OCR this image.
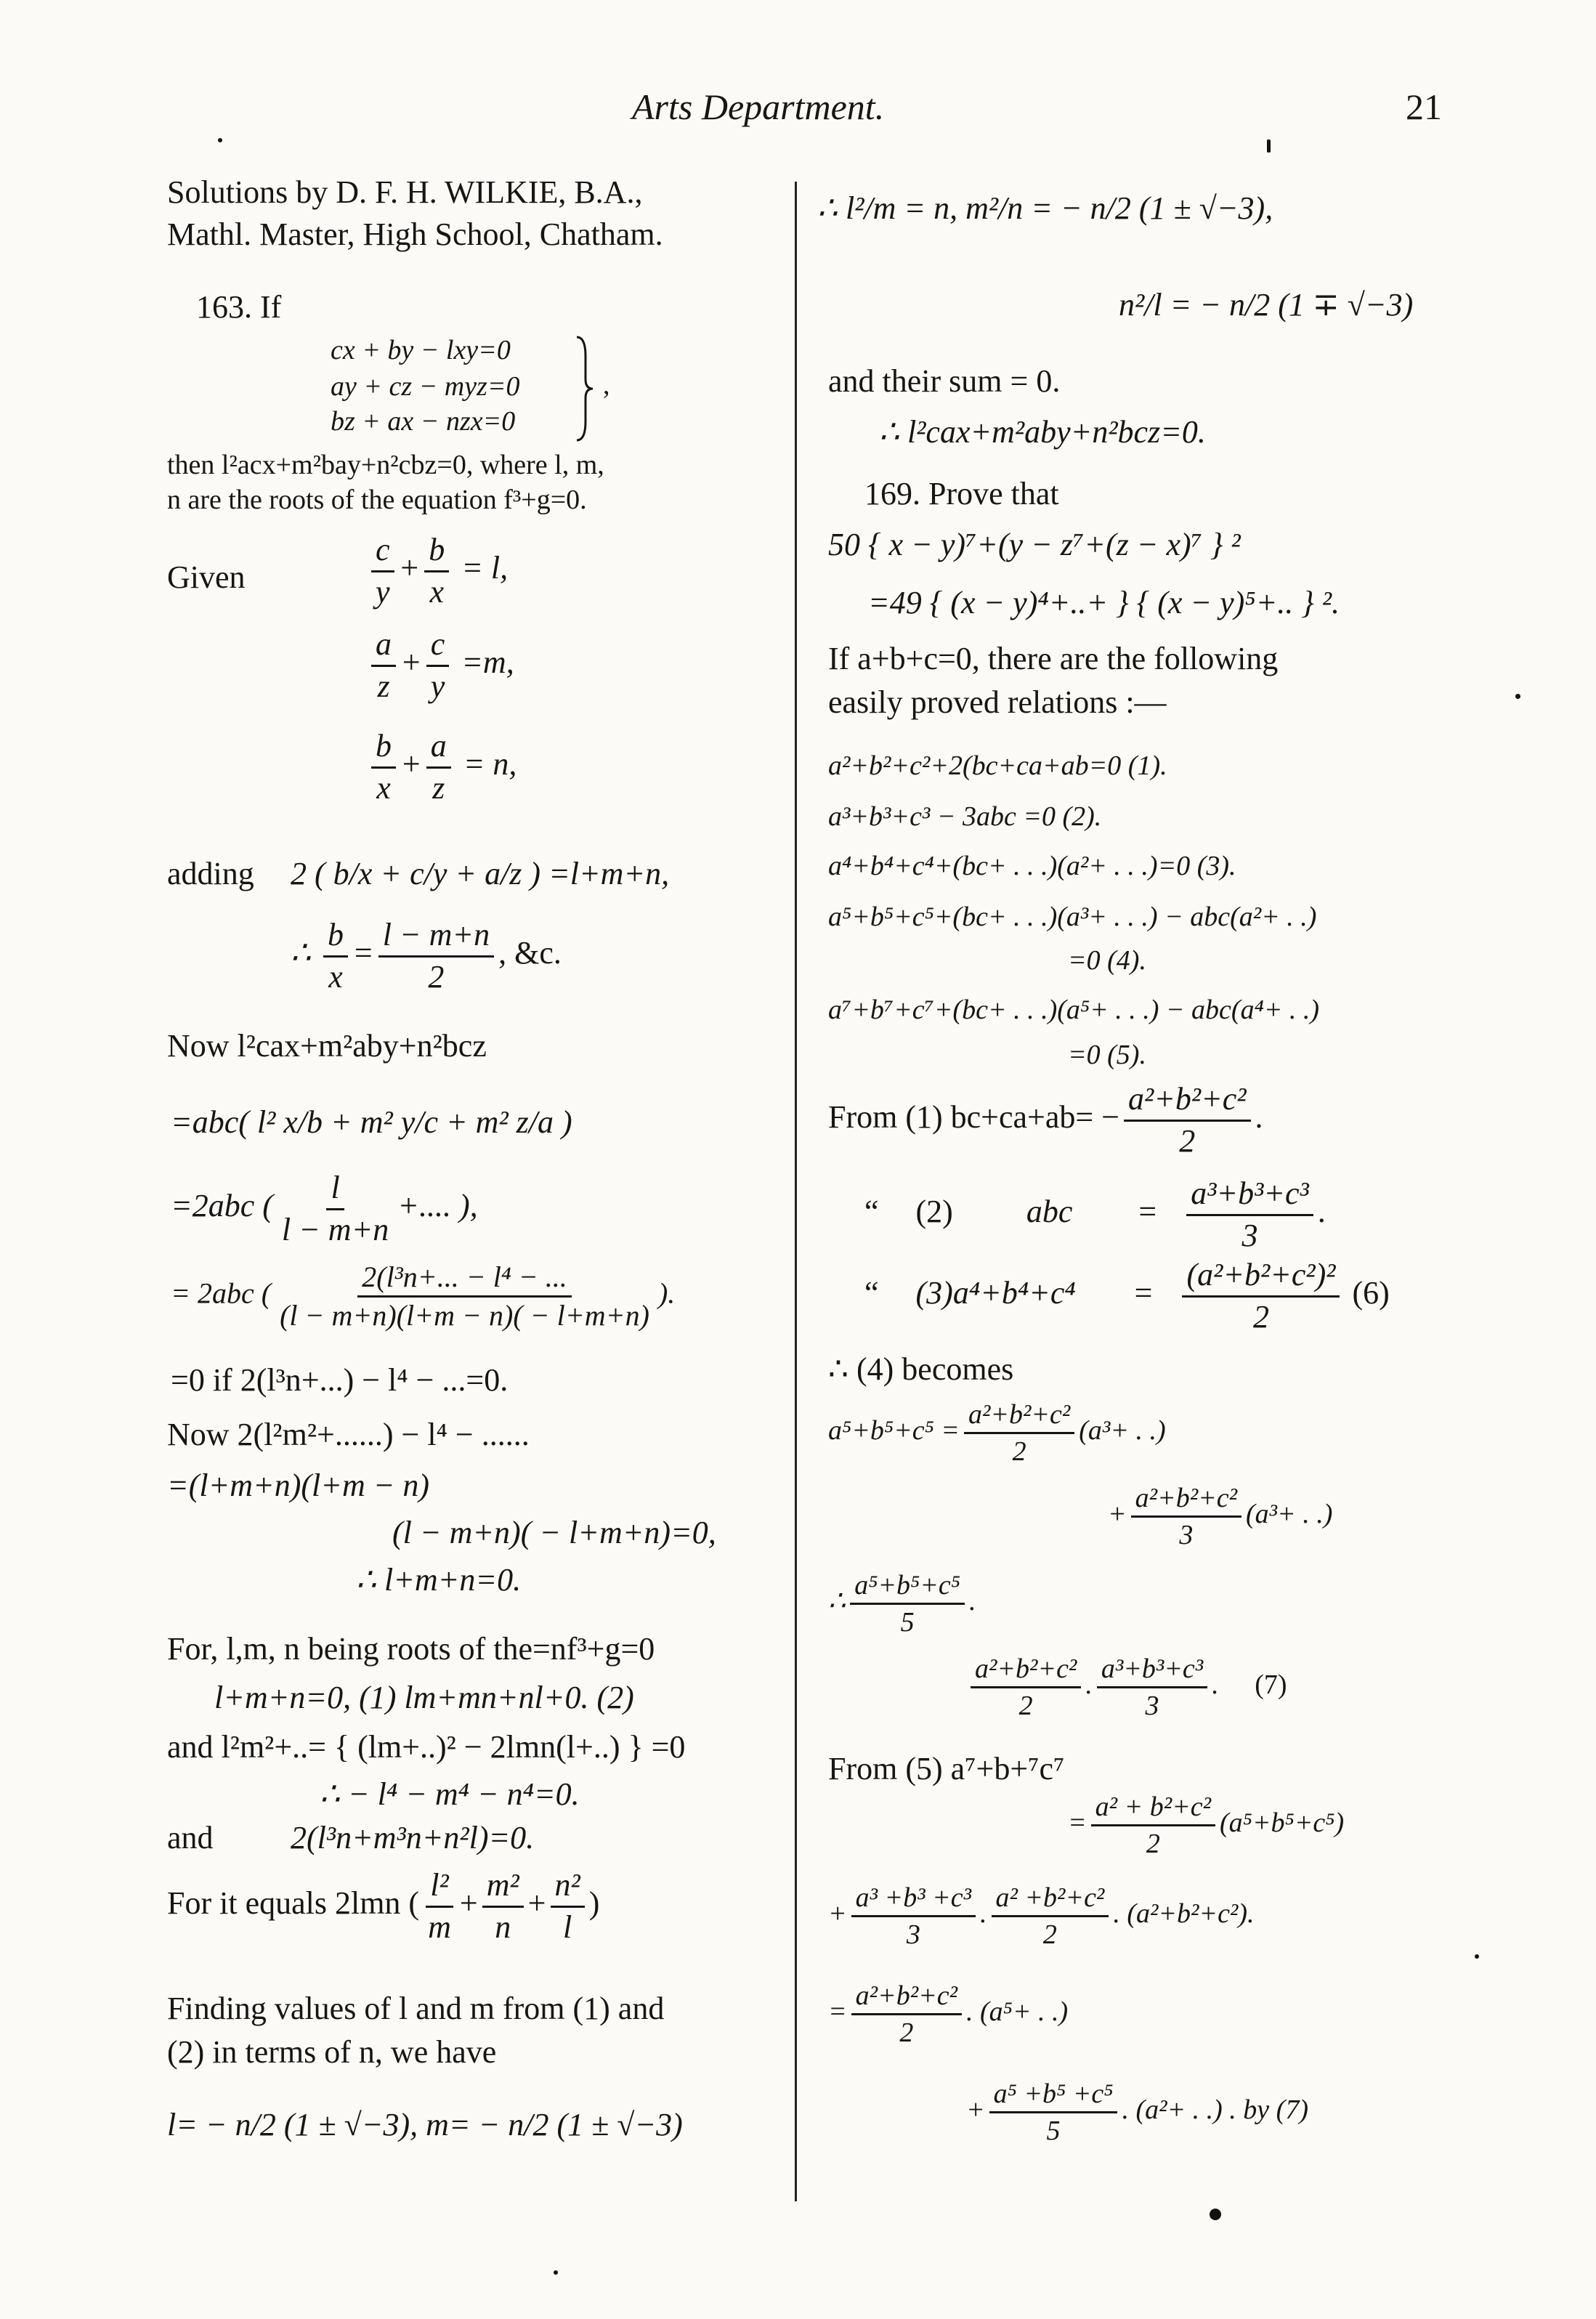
Arts Department.	21
Solutions by D. F. H. WILKIE, B.A.,
Mathl. Master, High School, Chatham.
163. If
cx + by − lxy=0
ay + cz − myz=0
bz + ax − nzx=0
,
then l²acx+m²bay+n²cbz=0, where l, m,
n are the roots of the equation f³+g=0.
Given	$\frac{c}{y} + \frac{b}{x} = l$,
$\frac{a}{z} + \frac{c}{y} =m$,
$\frac{b}{x} + \frac{a}{z} = n$,
adding 2 ( b/x + c/y + a/z ) =l+m+n,
∴ $\frac{b}{x} = \frac{l - m+n}{2}$ , &c.
Now l²cax+m²aby+n²bcz
=abc( l² x/b + m² y/c + m² z/a )
=2abc ( $\frac{l}{l - m+n}$ +.... ),
= 2abc ( $\frac{\text{2(l³n+... − l⁴ − ...}}{(l - m+n)(l+m - n)( - l+m+n)}$ ).
=0 if 2(l³n+...) − l⁴ − ...=0.
Now 2(l²m²+......) − l⁴ − ......
=(l+m+n)(l+m − n)
(l − m+n)( − l+m+n)=0,
∴ l+m+n=0.
For, l,m, n being roots of the=nf³+g=0
l+m+n=0, (1) lm+mn+nl+0. (2)
and l²m²+..= { (lm+..)² − 2lmn(l+..) } =0
∴ − l⁴ − m⁴ − n⁴=0.
and 2(l³n+m³n+n²l)=0.
For it equals 2lmn ( $\frac{\text{l²}}{m} + \frac{\text{m²}}{n} + \frac{\text{n²}}{l}$ )
Finding values of l and m from (1) and
(2) in terms of n, we have
l= − n/2 (1 ± √−3), m= − n/2 (1 ± √−3)
∴ l²/m = n, m²/n = − n/2 (1 ± √−3),
n²/l = − n/2 (1 ∓ √−3)
and their sum = 0.
∴ l²cax+m²aby+n²bcz=0.
169. Prove that
50 { x − y)⁷+(y − z⁷+(z − x)⁷ } ²
=49 { (x − y)⁴+..+ } { (x − y)⁵+.. } ².
If a+b+c=0, there are the following
easily proved relations :—
a²+b²+c²+2(bc+ca+ab=0 (1).
a³+b³+c³ − 3abc =0 (2).
a⁴+b⁴+c⁴+(bc+ . . .)(a²+ . . .)=0 (3).
a⁵+b⁵+c⁵+(bc+ . . .)(a³+ . . .) − abc(a²+ . .)
=0 (4).
a⁷+b⁷+c⁷+(bc+ . . .)(a⁵+ . . .) − abc(a⁴+ . .)
=0 (5).
From (1) $bc+ca+ab= - \frac{\text{a²+b²+c²}}{2}$ .
“ (2) abc = $\frac{\text{a³+b³+c³}}{3}$ .
“ $(3)a^4+b^4+c^4 = \frac{\text{(a²+b²+c²)²}}{2} (6)$
∴ (4) becomes
$a^5+b^5+c^5 = \frac{\text{a²+b²+c²}}{2} (a^3+$ . .)
+ $\frac{\text{a²+b²+c²}}{3} (a^3+$ . .)
∴ $\frac{\text{a⁵+b⁵+c⁵}}{5}$ .
$\frac{\text{a²+b²+c²}}{2}$ . $\frac{\text{a³+b³+c³}}{3}$ . (7)
From (5) a⁷+b+⁷c⁷
= $\frac{\text{a² + b²+c²}}{2} (a^5+b^5+c^5)$
+ $\frac{\text{a³ +b³ +c³}}{3}$ . $\frac{\text{a² +b²+c²}}{2}$ . (a²+b²+c²).
= $\frac{\text{a²+b²+c²}}{2}$ . (a⁵+ . .)
+ $\frac{\text{a⁵ +b⁵ +c⁵}}{5}$ . (a²+ . .) . by (7)
